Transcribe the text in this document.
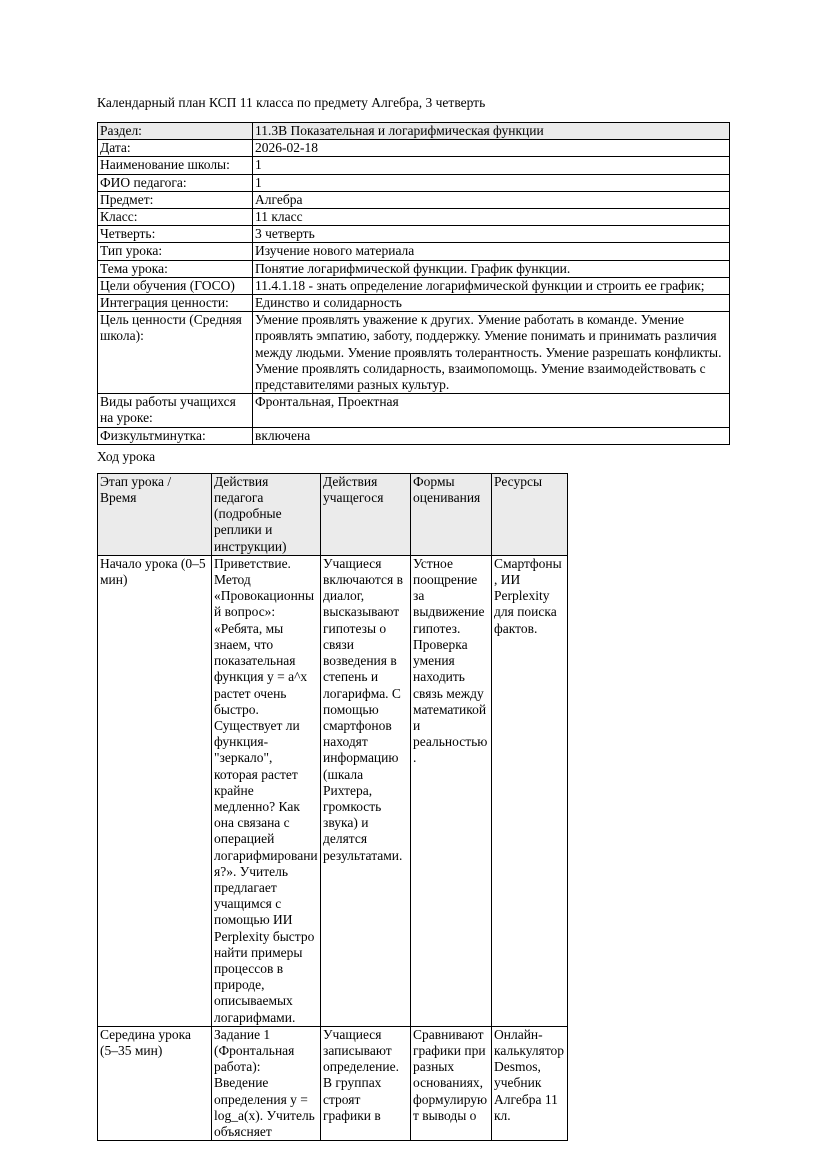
Календарный план КСП 11 класса по предмету Алгебра, 3 четверть

Раздел:	11.3B Показательная и логарифмическая функции
Дата:	2026-02-18
Наименование школы:	1
ФИО педагога:	1
Предмет:	Алгебра
Класс:	11 класс
Четверть:	3 четверть
Тип урока:	Изучение нового материала
Тема урока:	Понятие логарифмической функции. График функции.
Цели обучения (ГОСО)	11.4.1.18 - знать определение логарифмической функции и строить ее график;
Интеграция ценности:	Единство и солидарность
Цель ценности (Средняя школа):	Умение проявлять уважение к других. Умение работать в команде. Умение проявлять эмпатию, заботу, поддержку. Умение понимать и принимать различия между людьми. Умение проявлять толерантность. Умение разрешать конфликты. Умение проявлять солидарность, взаимопомощь. Умение взаимодействовать с представителями разных культур.
Виды работы учащихся на уроке:	Фронтальная, Проектная
Физкультминутка:	включена

Ход урока

Этап урока / Время	Действия педагога (подробные реплики и инструкции)	Действия учащегося	Формы оценивания	Ресурсы
Начало урока (0–5 мин)	Приветствие. Метод «Провокационный вопрос»: «Ребята, мы знаем, что показательная функция y = a^x растет очень быстро. Существует ли функция-"зеркало", которая растет крайне медленно? Как она связана с операцией логарифмирования?». Учитель предлагает учащимся с помощью ИИ Perplexity быстро найти примеры процессов в природе, описываемых логарифмами.	Учащиеся включаются в диалог, высказывают гипотезы о связи возведения в степень и логарифма. С помощью смартфонов находят информацию (шкала Рихтера, громкость звука) и делятся результатами.	Устное поощрение за выдвижение гипотез. Проверка умения находить связь между математикой и реальностью.	Смартфоны, ИИ Perplexity для поиска фактов.
Середина урока (5–35 мин)	Задание 1 (Фронтальная работа): Введение определения y = log_a(x). Учитель объясняет	Учащиеся записывают определение. В группах строят графики в	Сравнивают графики при разных основаниях, формулируют выводы о	Онлайн-калькулятор Desmos, учебник Алгебра 11 кл.
